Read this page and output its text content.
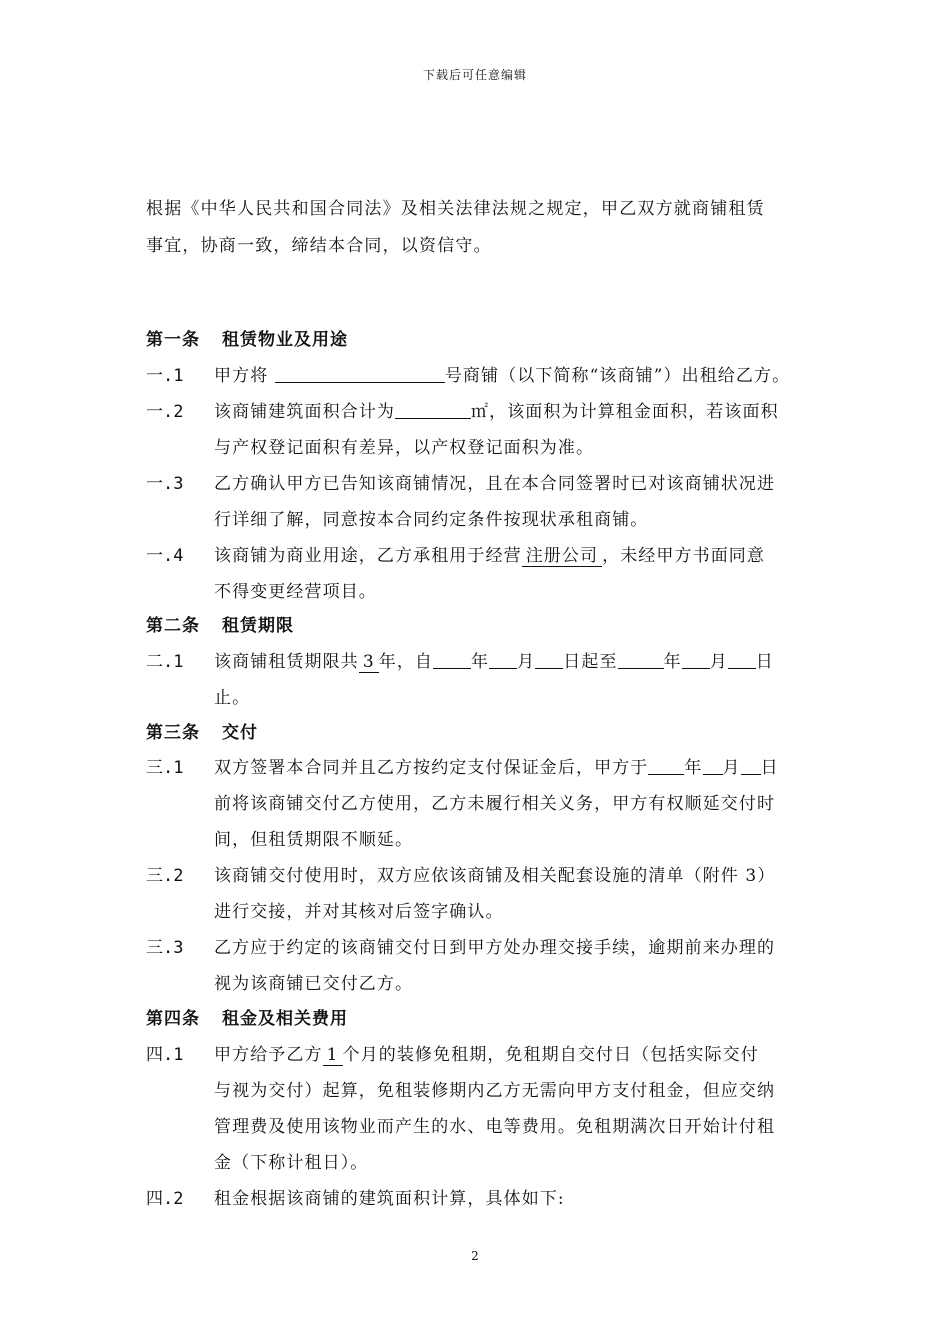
下载后可任意编辑
根据《中华人民共和国合同法》及相关法律法规之规定，甲乙双方就商铺租赁
事宜，协商一致，缔结本合同，以资信守。
第一条 租赁物业及用途
一.1 甲方将	号商铺（以下简称“该商铺”）出租给乙方。
一.2 该商铺建筑面积合计为	㎡，该面积为计算租金面积，若该面积
与产权登记面积有差异，以产权登记面积为准。
一.3 乙方确认甲方已告知该商铺情况，且在本合同签署时已对该商铺状况进
行详细了解，同意按本合同约定条件按现状承租商铺。
一.4 该商铺为商业用途，乙方承租用于经营 注册公司 ，未经甲方书面同意
不得变更经营项目。
第二条 租赁期限
二.1 该商铺租赁期限共 3 年，自 年 月 日起至	年 月 日
止。
第三条 交付
三.1 双方签署本合同并且乙方按约定支付保证金后，甲方于 年 月 日
前将该商铺交付乙方使用，乙方未履行相关义务，甲方有权顺延交付时
间，但租赁期限不顺延。
三.2 该商铺交付使用时，双方应依该商铺及相关配套设施的清单（附件 3）
进行交接，并对其核对后签字确认。
三.3 乙方应于约定的该商铺交付日到甲方处办理交接手续，逾期前来办理的
视为该商铺已交付乙方。
第四条 租金及相关费用
四.1 甲方给予乙方 1 个月的装修免租期，免租期自交付日（包括实际交付
与视为交付）起算，免租装修期内乙方无需向甲方支付租金，但应交纳
管理费及使用该物业而产生的水、电等费用。免租期满次日开始计付租
金（下称计租日）。
四.2 租金根据该商铺的建筑面积计算，具体如下:
2
